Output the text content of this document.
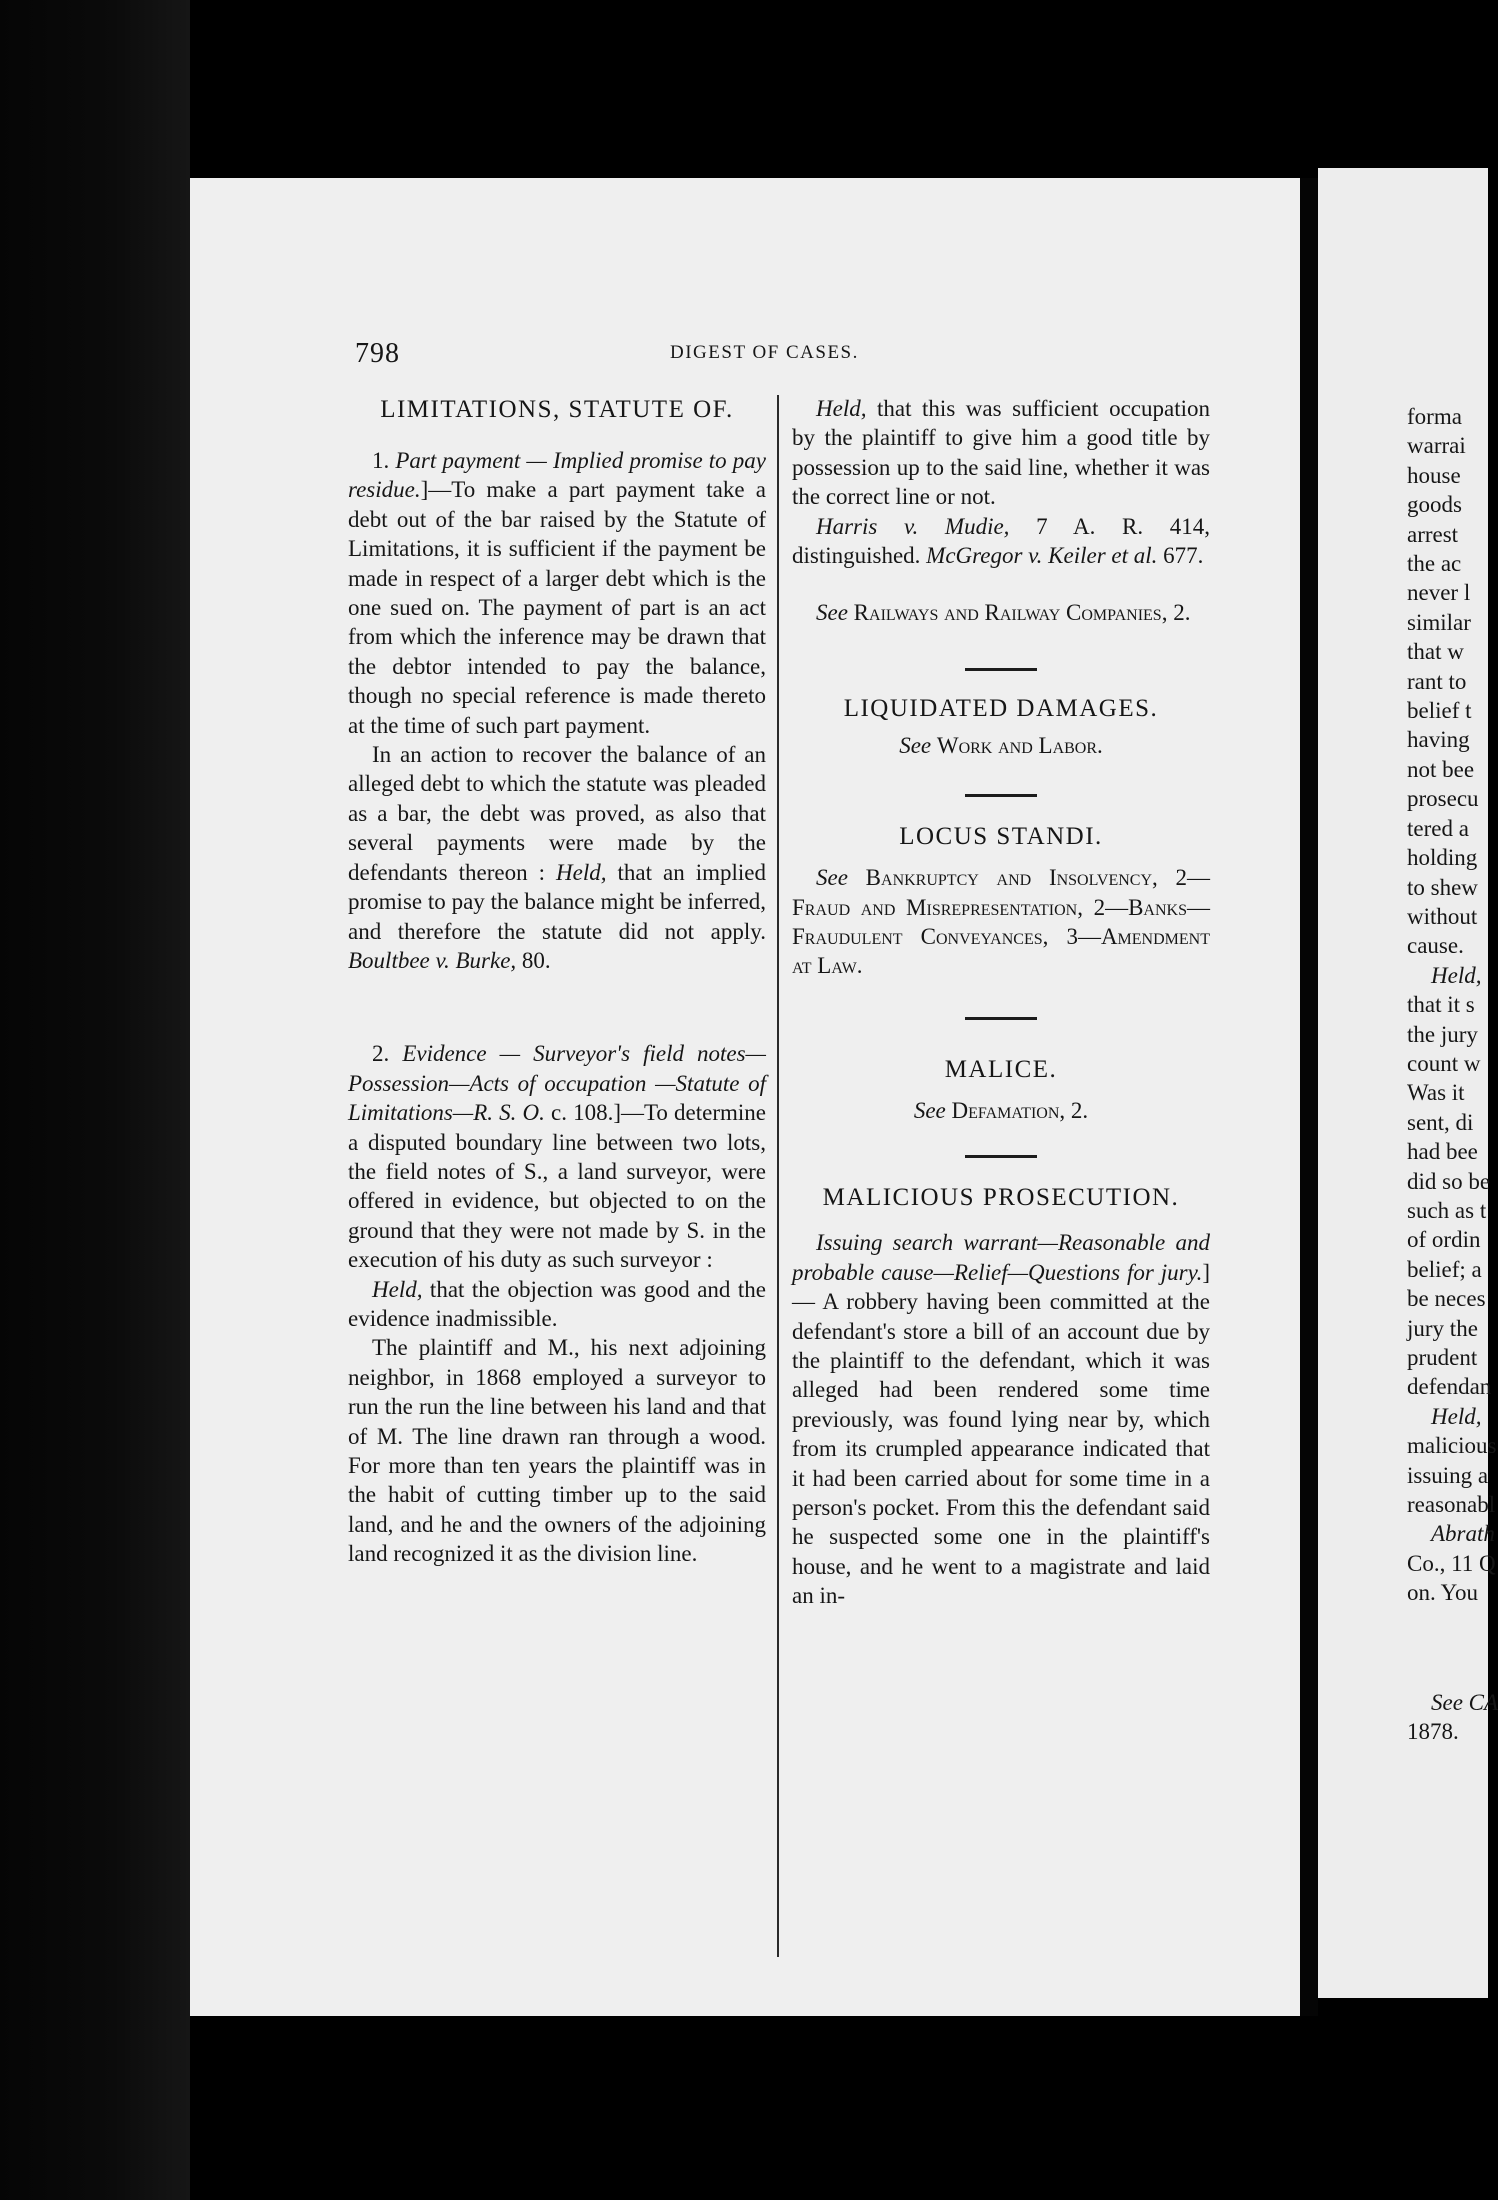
798	DIGEST OF CASES.
LIMITATIONS, STATUTE OF.

1. Part payment — Implied promise to pay residue.]—To make a part payment take a debt out of the bar raised by the Statute of Limitations, it is sufficient if the payment be made in respect of a larger debt which is the one sued on. The payment of part is an act from which the inference may be drawn that the debtor intended to pay the balance, though no special reference is made thereto at the time of such part payment.

In an action to recover the balance of an alleged debt to which the statute was pleaded as a bar, the debt was proved, as also that several payments were made by the defendants thereon : Held, that an implied promise to pay the balance might be inferred, and therefore the statute did not apply. Boultbee v. Burke, 80.

2. Evidence — Surveyor's field notes—Possession—Acts of occupation —Statute of Limitations—R. S. O. c. 108.]—To determine a disputed boundary line between two lots, the field notes of S., a land surveyor, were offered in evidence, but objected to on the ground that they were not made by S. in the execution of his duty as such surveyor :

Held, that the objection was good and the evidence inadmissible.

The plaintiff and M., his next adjoining neighbor, in 1868 employed a surveyor to run the run the line between his land and that of M. The line drawn ran through a wood. For more than ten years the plaintiff was in the habit of cutting timber up to the said land, and he and the owners of the adjoining land recognized it as the division line.

Held, that this was sufficient occupation by the plaintiff to give him a good title by possession up to the said line, whether it was the correct line or not.

Harris v. Mudie, 7 A. R. 414, distinguished. McGregor v. Keiler et al. 677.

See Railways and Railway Companies, 2.

LIQUIDATED DAMAGES.

See Work and Labor.

LOCUS STANDI.

See Bankruptcy and Insolvency, 2—Fraud and Misrepresentation, 2—Banks—Fraudulent Conveyances, 3—Amendment at Law.

MALICE.

See Defamation, 2.

MALICIOUS PROSECUTION.

Issuing search warrant—Reasonable and probable cause—Relief—Questions for jury.] — A robbery having been committed at the defendant's store a bill of an account due by the plaintiff to the defendant, which it was alleged had been rendered some time previously, was found lying near by, which from its crumpled appearance indicated that it had been carried about for some time in a person's pocket. From this the defendant said he suspected some one in the plaintiff's house, and he went to a magistrate and laid an in-

forma
warrai
house
goods
arrest
the ac
never l
similar
that w
rant to
belief t
having
not bee
prosecu
tered a
holding
to shew
without
cause.
Held,
that it s
the jury
count w
Was it
sent, di
had bee
did so be
such as t
of ordin
belief; a
be neces
jury the
prudent
defendan
Held,
malicious
issuing a
reasonabl
Abrath
Co., 11 Q
on. You
See CA
1878.
